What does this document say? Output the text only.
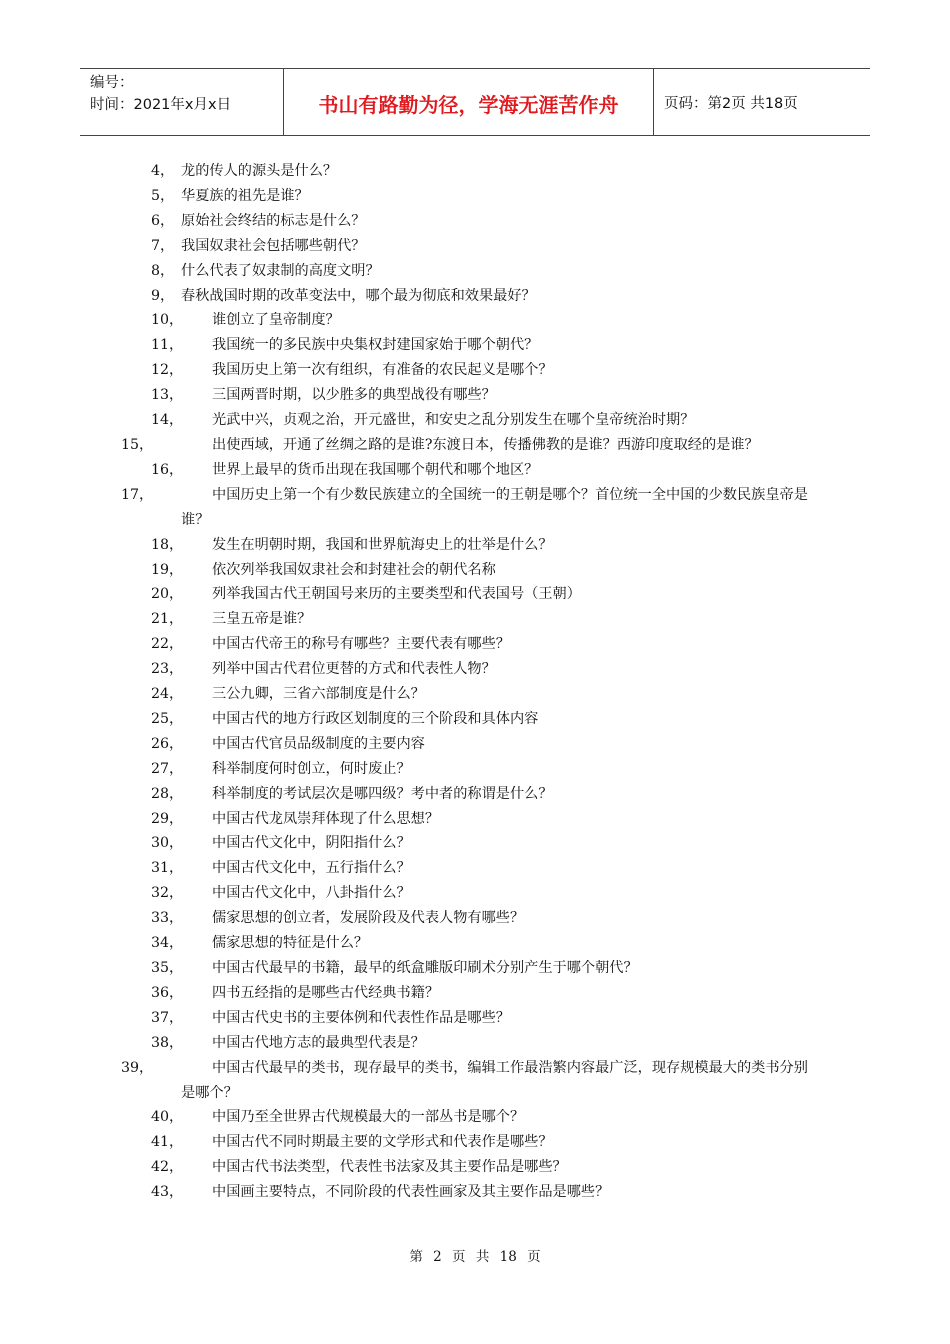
编号：
时间：2021年x月x日	书山有路勤为径，学海无涯苦作舟	页码：第2页 共18页
4， 龙的传人的源头是什么？
5， 华夏族的祖先是谁？
6， 原始社会终结的标志是什么？
7， 我国奴隶社会包括哪些朝代？
8， 什么代表了奴隶制的高度文明？
9， 春秋战国时期的改革变法中，哪个最为彻底和效果最好？
10， 谁创立了皇帝制度？
11， 我国统一的多民族中央集权封建国家始于哪个朝代？
12， 我国历史上第一次有组织，有准备的农民起义是哪个？
13， 三国两晋时期，以少胜多的典型战役有哪些？
14， 光武中兴，贞观之治，开元盛世，和安史之乱分别发生在哪个皇帝统治时期？
15，	出使西域，开通了丝绸之路的是谁?东渡日本，传播佛教的是谁？西游印度取经的是谁？
16， 世界上最早的货币出现在我国哪个朝代和哪个地区？
17，	中国历史上第一个有少数民族建立的全国统一的王朝是哪个？首位统一全中国的少数民族皇帝是谁？
18， 发生在明朝时期，我国和世界航海史上的壮举是什么？
19， 依次列举我国奴隶社会和封建社会的朝代名称
20， 列举我国古代王朝国号来历的主要类型和代表国号（王朝）
21， 三皇五帝是谁？
22， 中国古代帝王的称号有哪些？主要代表有哪些？
23， 列举中国古代君位更替的方式和代表性人物？
24， 三公九卿，三省六部制度是什么？
25， 中国古代的地方行政区划制度的三个阶段和具体内容
26， 中国古代官员品级制度的主要内容
27， 科举制度何时创立，何时废止？
28， 科举制度的考试层次是哪四级？考中者的称谓是什么？
29， 中国古代龙凤崇拜体现了什么思想？
30， 中国古代文化中，阴阳指什么？
31， 中国古代文化中，五行指什么？
32， 中国古代文化中，八卦指什么？
33， 儒家思想的创立者，发展阶段及代表人物有哪些？
34， 儒家思想的特征是什么？
35， 中国古代最早的书籍，最早的纸盒雕版印刷术分别产生于哪个朝代？
36， 四书五经指的是哪些古代经典书籍？
37， 中国古代史书的主要体例和代表性作品是哪些？
38， 中国古代地方志的最典型代表是？
39，	中国古代最早的类书，现存最早的类书，编辑工作最浩繁内容最广泛，现存规模最大的类书分别是哪个？
40， 中国乃至全世界古代规模最大的一部丛书是哪个？
41， 中国古代不同时期最主要的文学形式和代表作是哪些？
42， 中国古代书法类型，代表性书法家及其主要作品是哪些？
43， 中国画主要特点，不同阶段的代表性画家及其主要作品是哪些？
第 2 页 共 18 页
